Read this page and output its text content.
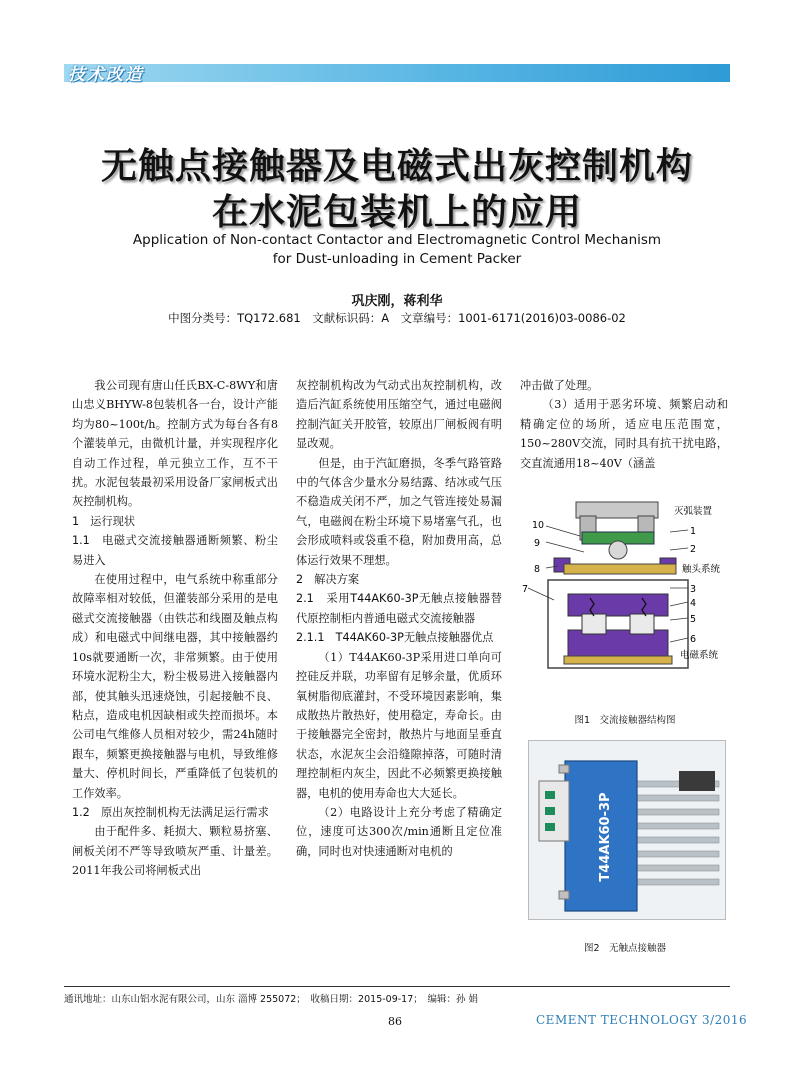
技术改造
无触点接触器及电磁式出灰控制机构
在水泥包装机上的应用
Application of Non-contact Contactor and Electromagnetic Control Mechanism
for Dust-unloading in Cement Packer
巩庆刚，蒋利华
中图分类号：TQ172.681　文献标识码：A　文章编号：1001-6171(2016)03-0086-02

我公司现有唐山任氏BX-C-8WY和唐山忠义BHYW-8包装机各一台，设计产能均为80~100t/h。控制方式为每台各有8个灌装单元，由微机计量，并实现程序化自动工作过程，单元独立工作，互不干扰。水泥包装最初采用设备厂家闸板式出灰控制机构。

1　运行现状

1.1　电磁式交流接触器通断频繁、粉尘易进入

在使用过程中，电气系统中称重部分故障率相对较低，但灌装部分采用的是电磁式交流接触器（由铁芯和线圈及触点构成）和电磁式中间继电器，其中接触器约10s就要通断一次，非常频繁。由于使用环境水泥粉尘大，粉尘极易进入接触器内部，使其触头迅速烧蚀，引起接触不良、粘点，造成电机因缺相或失控而损坏。本公司电气维修人员相对较少，需24h随时跟车，频繁更换接触器与电机，导致维修量大、停机时间长，严重降低了包装机的工作效率。

1.2　原出灰控制机构无法满足运行需求

由于配件多、耗损大、颗粒易挤塞、闸板关闭不严等导致喷灰严重、计量差。2011年我公司将闸板式出

灰控制机构改为气动式出灰控制机构，改造后汽缸系统使用压缩空气，通过电磁阀控制汽缸关开胶管，较原出厂闸板阀有明显改观。

但是，由于汽缸磨损，冬季气路管路中的气体含少量水分易结露、结冰或气压不稳造成关闭不严，加之气管连接处易漏气，电磁阀在粉尘环境下易堵塞气孔，也会形成喷料或袋重不稳，附加费用高，总体运行效果不理想。

2　解决方案

2.1　采用T44AK60-3P无触点接触器替代原控制柜内普通电磁式交流接触器

2.1.1　T44AK60-3P无触点接触器优点

（1）T44AK60-3P采用进口单向可控硅反并联，功率留有足够余量，优质环氧树脂彻底灌封，不受环境因素影响，集成散热片散热好，使用稳定，寿命长。由于接触器完全密封，散热片与地面呈垂直状态，水泥灰尘会沿缝隙掉落，可随时清理控制柜内灰尘，因此不必频繁更换接触器，电机的使用寿命也大大延长。

（2）电路设计上充分考虑了精确定位，速度可达300次/min通断且定位准确，同时也对快速通断对电机的

冲击做了处理。

（3）适用于恶劣环境、频繁启动和精确定位的场所，适应电压范围宽，150~280V交流，同时具有抗干扰电路，交直流通用18~40V（涵盖

灭弧装置
1
2
触头系统
3
4
5
6
电磁系统
7
8
9
10
图1　交流接触器结构图
T44AK60-3P
图2　无触点接触器
通讯地址：山东山铝水泥有限公司，山东 淄博 255072；　收稿日期：2015-09-17；　编辑：孙 娟
86	CEMENT TECHNOLOGY 3/2016
